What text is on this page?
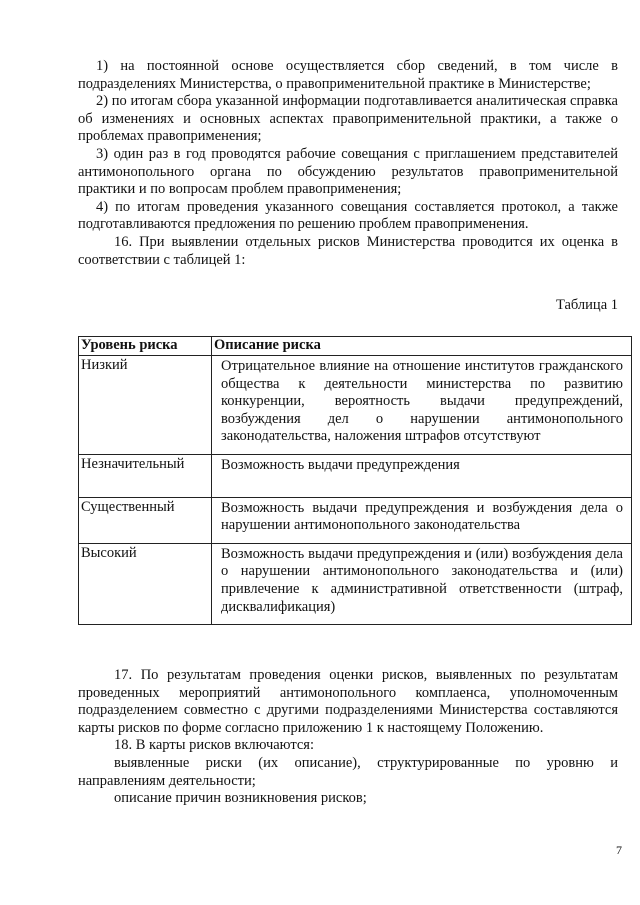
1) на постоянной основе осуществляется сбор сведений, в том числе в подразделениях Министерства, о правоприменительной практике в Министерстве;

2) по итогам сбора указанной информации подготавливается аналитическая справка об изменениях и основных аспектах правоприменительной практики, а также о проблемах правоприменения;

3) один раз в год проводятся рабочие совещания с приглашением представителей антимонопольного органа по обсуждению результатов правоприменительной практики и по вопросам проблем правоприменения;

4) по итогам проведения указанного совещания составляется протокол, а также подготавливаются предложения по решению проблем правоприменения.

16. При выявлении отдельных рисков Министерства проводится их оценка в соответствии с таблицей 1:

Таблица 1
Уровень риска	Описание риска
Низкий	Отрицательное влияние на отношение институтов гражданского общества к деятельности министерства по развитию конкуренции, вероятность выдачи предупреждений, возбуждения дел о нарушении антимонопольного законодательства, наложения штрафов отсутствуют

Незначительный	Возможность выдачи предупреждения

Существенный	Возможность выдачи предупреждения и возбуждения дела о нарушении антимонопольного законодательства

Высокий	Возможность выдачи предупреждения и (или) возбуждения дела о нарушении антимонопольного законодательства и (или) привлечение к административной ответственности (штраф, дисквалификация)

17. По результатам проведения оценки рисков, выявленных по результатам проведенных мероприятий антимонопольного комплаенса, уполномоченным подразделением совместно с другими подразделениями Министерства составляются карты рисков по форме согласно приложению 1 к настоящему Положению.

18. В карты рисков включаются:

выявленные риски (их описание), структурированные по уровню и направлениям деятельности;

описание причин возникновения рисков;

7
